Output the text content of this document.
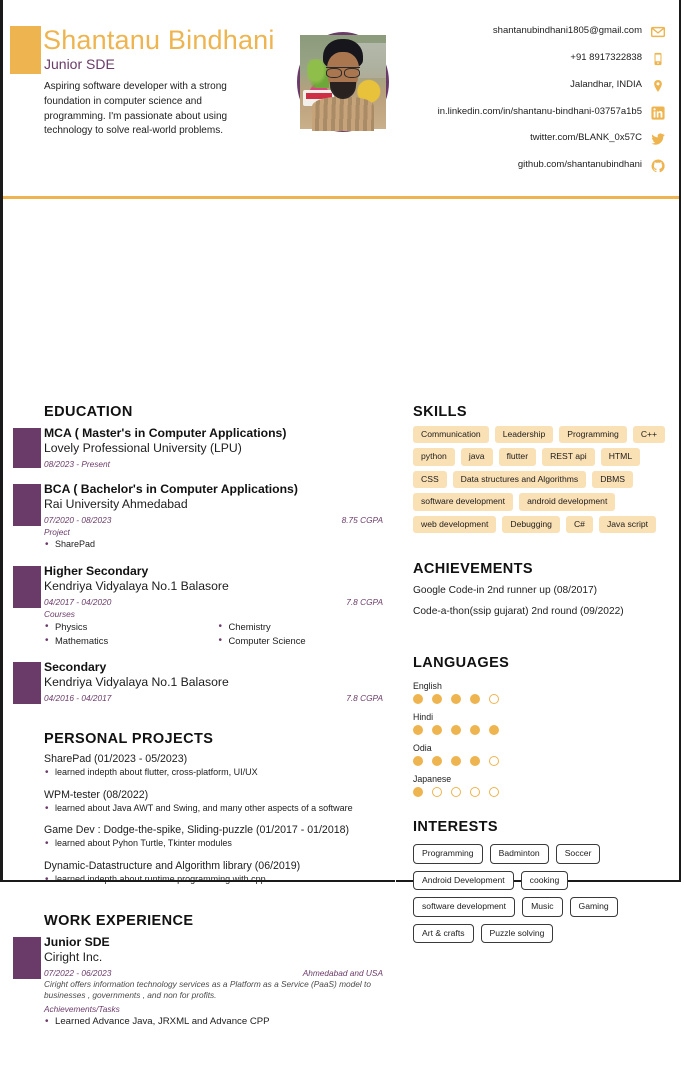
Shantanu Bindhani
Junior SDE
Aspiring software developer with a strong foundation in computer science and programming. I'm passionate about using technology to solve real-world problems.
shantanubindhani1805@gmail.com
+91 8917322838
Jalandhar, INDIA
in.linkedin.com/in/shantanu-bindhani-03757a1b5
twitter.com/BLANK_0x57C
github.com/shantanubindhani
EDUCATION
MCA ( Master's in Computer Applications)
Lovely Professional University (LPU)
08/2023 - Present
BCA ( Bachelor's in Computer Applications)
Rai University Ahmedabad
07/2020 - 08/2023	8.75 CGPA
Project
• SharePad
Higher Secondary
Kendriya Vidyalaya No.1 Balasore
04/2017 - 04/2020	7.8 CGPA
Courses
• Physics	• Chemistry
• Mathematics	• Computer Science
Secondary
Kendriya Vidyalaya No.1 Balasore
04/2016 - 04/2017	7.8 CGPA
PERSONAL PROJECTS
SharePad (01/2023 - 05/2023)
• learned indepth about flutter, cross-platform, UI/UX
WPM-tester (08/2022)
• learned about Java AWT and Swing, and many other aspects of a software
Game Dev : Dodge-the-spike, Sliding-puzzle (01/2017 - 01/2018)
• learned about Pyhon Turtle, Tkinter modules
Dynamic-Datastructure and Algorithm library (06/2019)
• learned indepth about runtime programming with cpp
WORK EXPERIENCE
Junior SDE
Ciright Inc.
07/2022 - 06/2023	Ahmedabad and USA
Ciright offers information technology services as a Platform as a Service (PaaS) model to businesses , governments , and non for profits.
Achievements/Tasks
• Learned Advance Java, JRXML and Advance CPP
SKILLS
Communication	Leadership	Programming	C++
python	java	flutter	REST api	HTML
CSS	Data structures and Algorithms	DBMS
software development	android development
web development	Debugging	C#	Java script
ACHIEVEMENTS
Google Code-in 2nd runner up (08/2017)
Code-a-thon(ssip gujarat) 2nd round (09/2022)
LANGUAGES
English
Hindi
Odia
Japanese
INTERESTS
Programming	Badminton	Soccer
Android Development	cooking
software development	Music	Gaming
Art & crafts	Puzzle solving
